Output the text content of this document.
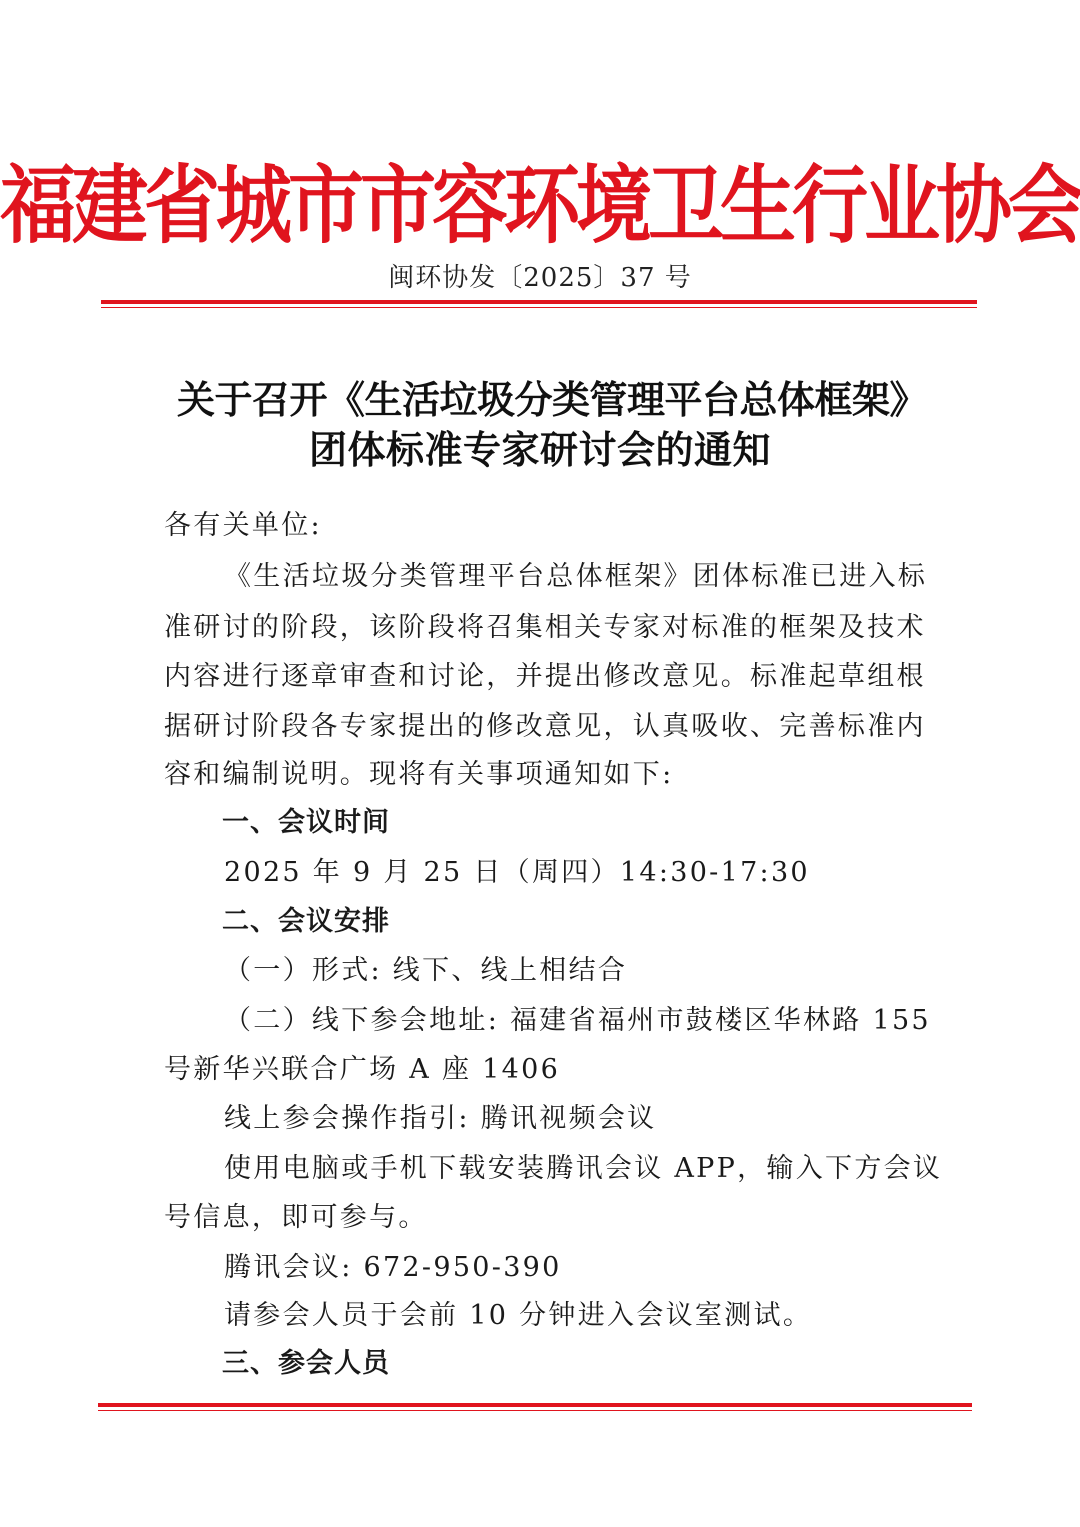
福建省城市市容环境卫生行业协会
闽环协发〔2025〕37 号
关于召开《生活垃圾分类管理平台总体框架》
团体标准专家研讨会的通知
各有关单位:
《生活垃圾分类管理平台总体框架》团体标准已进入标
准研讨的阶段，该阶段将召集相关专家对标准的框架及技术
内容进行逐章审查和讨论，并提出修改意见。标准起草组根
据研讨阶段各专家提出的修改意见，认真吸收、完善标准内
容和编制说明。现将有关事项通知如下:
一、会议时间
2025 年 9 月 25 日（周四）14:30-17:30
二、会议安排
（一）形式: 线下、线上相结合
（二）线下参会地址: 福建省福州市鼓楼区华林路 155
号新华兴联合广场 A 座 1406
线上参会操作指引: 腾讯视频会议
使用电脑或手机下载安装腾讯会议 APP，输入下方会议
号信息，即可参与。
腾讯会议: 672-950-390
请参会人员于会前 10 分钟进入会议室测试。
三、参会人员
